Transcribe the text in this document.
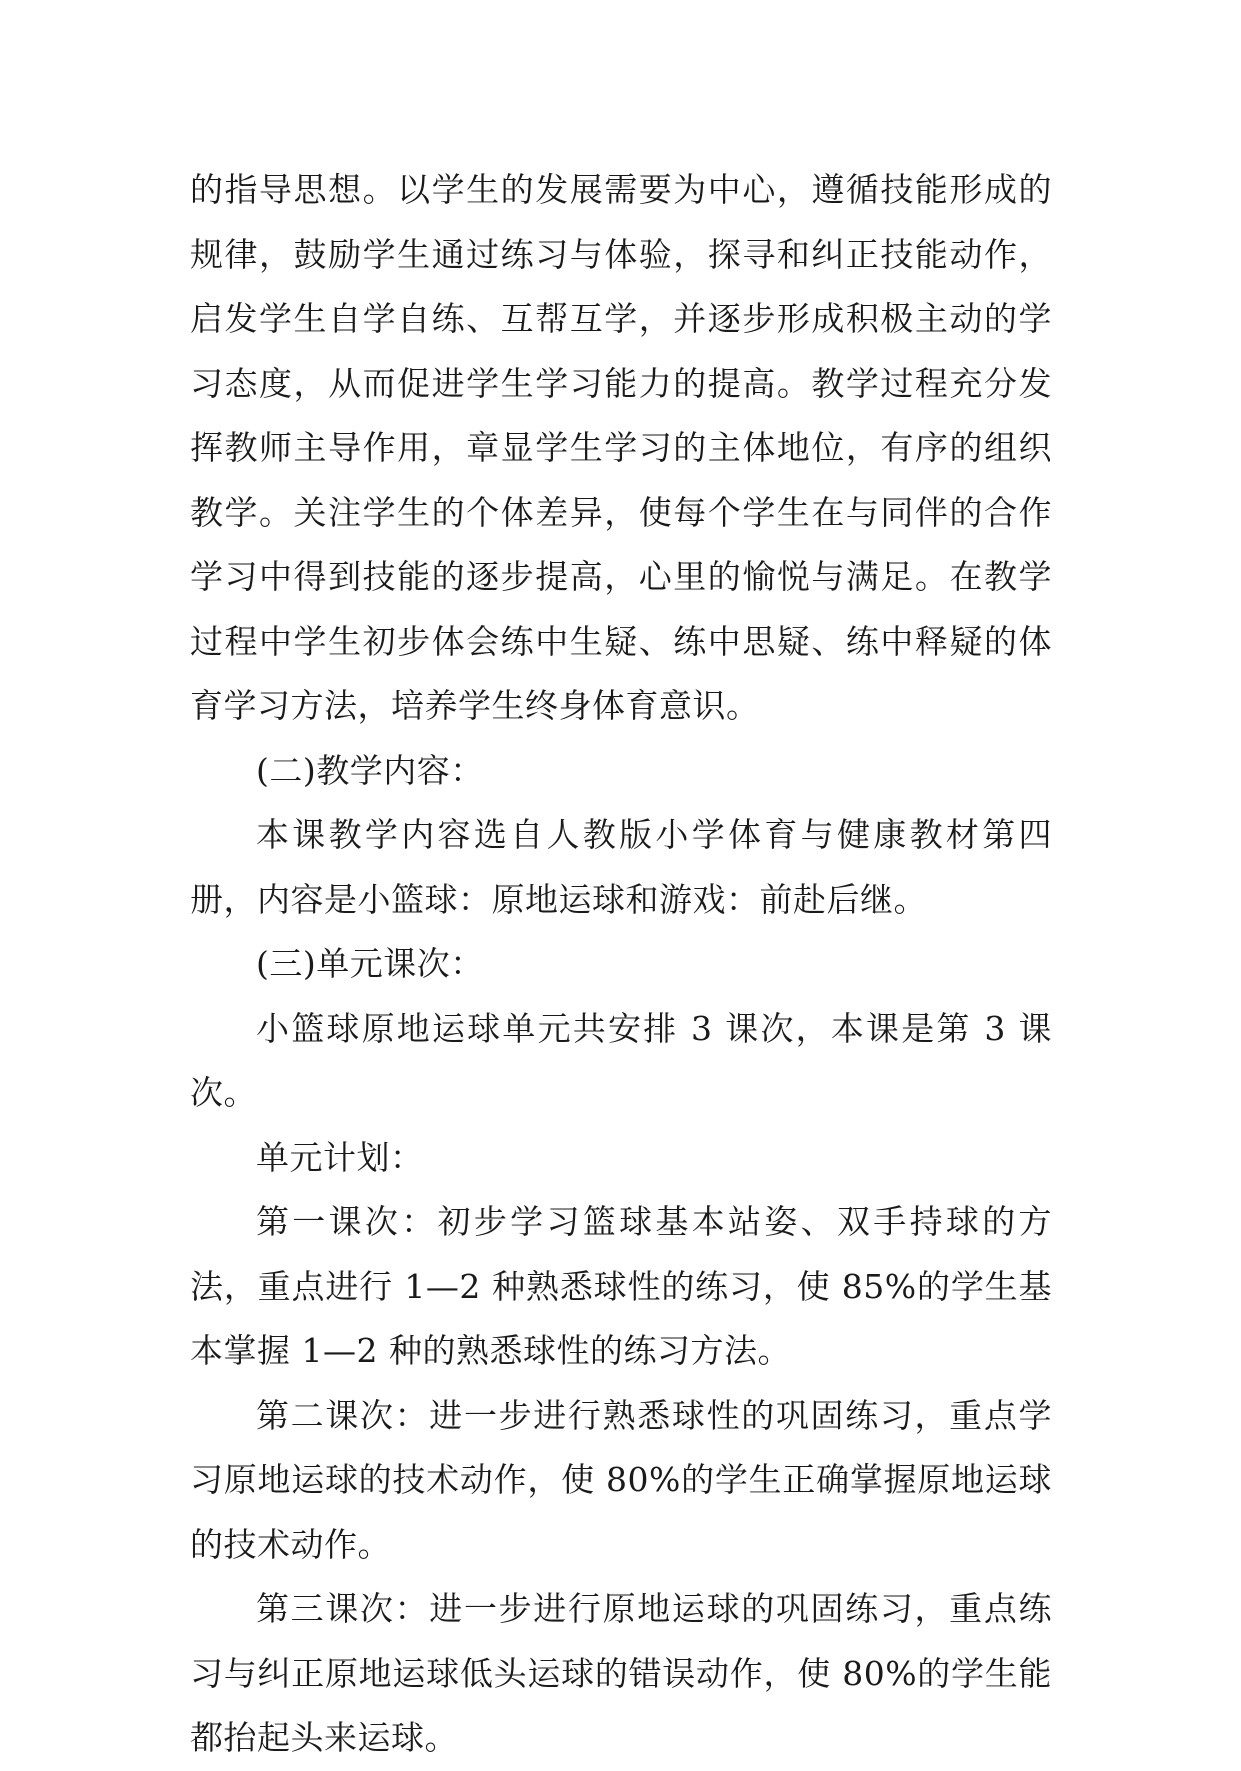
的指导思想。以学生的发展需要为中心，遵循技能形成的规律，鼓励学生通过练习与体验，探寻和纠正技能动作，启发学生自学自练、互帮互学，并逐步形成积极主动的学习态度，从而促进学生学习能力的提高。教学过程充分发挥教师主导作用，章显学生学习的主体地位，有序的组织教学。关注学生的个体差异，使每个学生在与同伴的合作学习中得到技能的逐步提高，心里的愉悦与满足。在教学过程中学生初步体会练中生疑、练中思疑、练中释疑的体育学习方法，培养学生终身体育意识。

(二)教学内容：

本课教学内容选自人教版小学体育与健康教材第四册，内容是小篮球：原地运球和游戏：前赴后继。

(三)单元课次：

小篮球原地运球单元共安排 3 课次，本课是第 3 课次。

单元计划：

第一课次：初步学习篮球基本站姿、双手持球的方法，重点进行 1—2 种熟悉球性的练习，使 85%的学生基本掌握 1—2 种的熟悉球性的练习方法。

第二课次：进一步进行熟悉球性的巩固练习，重点学习原地运球的技术动作，使 80%的学生正确掌握原地运球的技术动作。

第三课次：进一步进行原地运球的巩固练习，重点练习与纠正原地运球低头运球的错误动作，使 80%的学生能都抬起头来运球。
